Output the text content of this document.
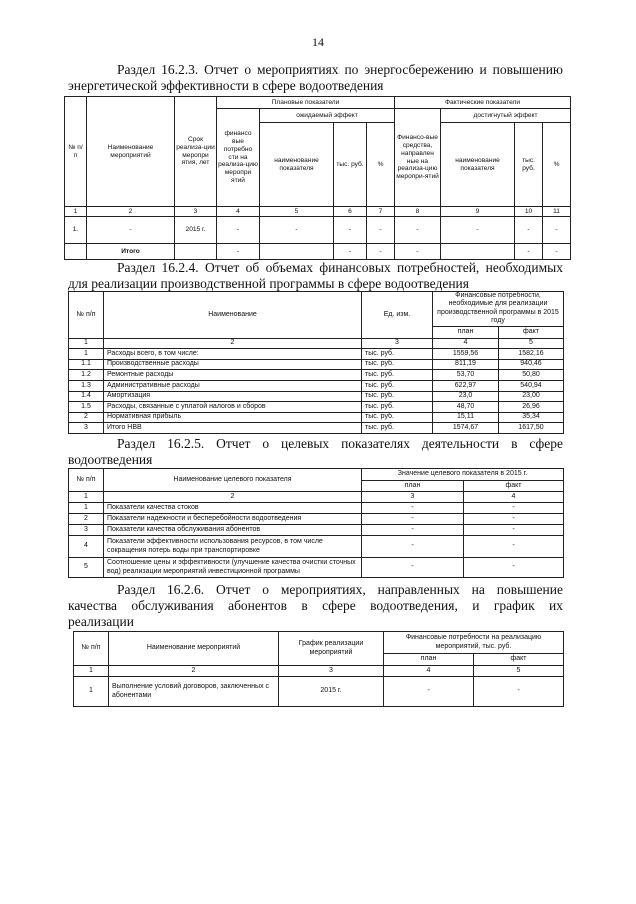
14
Раздел 16.2.3. Отчет о мероприятиях по энергосбережению и повышению
энергетической эффективности в сфере водоотведения
№ п/ п	Наименование мероприятий	Срок реализа-ции меропри ятия, лет	Плановые показатели				Фактические показатели			
			финансо вые потребно сти на реализа-цию меропри ятий	ожидаемый эффект			Финансо-вые средства, направлен ные на реализа-цию меропри-ятий	достигнутый эффект		
				наименование показателя	тыс. руб.	%		наименование показателя	тыс. руб.	%
1	2	3	4	5	6	7	8	9	10	11
1.	-	2015 г.	-	-	-	-	-	-	-	-
	Итого		-		-	-	-		-	-
Раздел 16.2.4. Отчет об объемах финансовых потребностей, необходимых
для реализации производственной программы в сфере водоотведения
№ п/п	Наименование	Ед. изм.	Финансовые потребности, необходимые для реализации производственной программы в 2015 году	
			план	факт
1	2	3	4	5
1	Расходы всего, в том числе:	тыс. руб.	1559,56	1582,16
1.1	Производственные расходы	тыс. руб.	811,19	940,46
1.2	Ремонтные расходы	тыс. руб.	53,70	50,80
1.3	Административные расходы	тыс. руб.	622,97	540,94
1.4	Амортизация	тыс. руб.	23,0	23,00
1.5	Расходы, связанные с уплатой налогов и сборов	тыс. руб.	48,70	26,96
2	Нормативная прибыль	тыс. руб.	15,11	35,34
3	Итого НВВ	тыс. руб.	1574,67	1617,50
Раздел 16.2.5. Отчет о целевых показателях деятельности в сфере
водоотведения
№ п/п	Наименование целевого показателя	Значение целевого показателя в 2015 г.	
		план	факт
1	2	3	4
1	Показатели качества стоков	-	-
2	Показатели надежности и бесперебойности водоотведения	-	-
3	Показатели качества обслуживания абонентов	-	-
4	Показатели эффективности использования ресурсов, в том числе сокращения потерь воды при транспортировке	-	-
5	Соотношение цены и эффективности (улучшение качества очистки сточных вод) реализации мероприятий инвестиционной программы	-	-
Раздел 16.2.6. Отчет о мероприятиях, направленных на повышение
качества обслуживания абонентов в сфере водоотведения, и график их
реализации
№ п/п	Наименование мероприятий	График реализации мероприятий	Финансовые потребности на реализацию мероприятий, тыс. руб.	
			план	факт
1	2	3	4	5
1	Выполнение условий договоров, заключенных с абонентами	2015 г.	-	-
